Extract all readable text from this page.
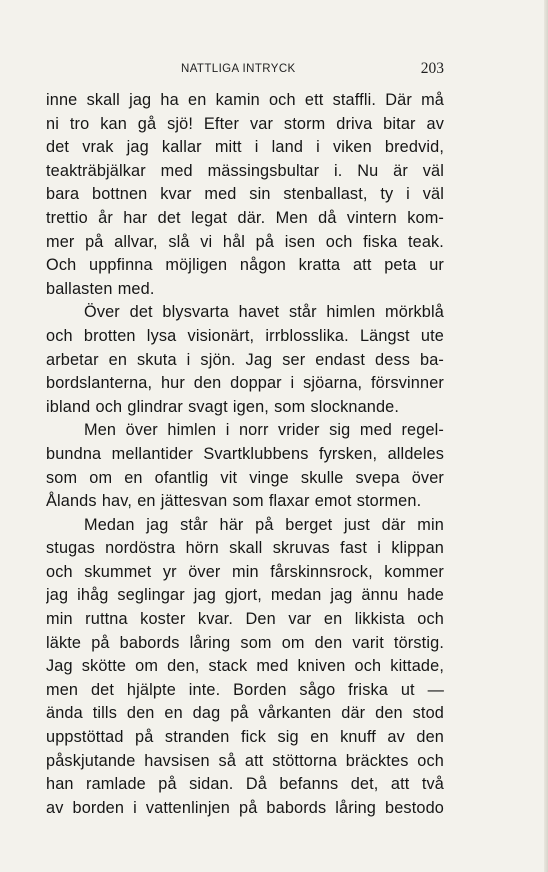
NATTLIGA INTRYCK	203
inne skall jag ha en kamin och ett staffli. Där må
ni tro kan gå sjö! Efter var storm driva bitar av
det vrak jag kallar mitt i land i viken bredvid,
teakträbjälkar med mässingsbultar i. Nu är väl
bara bottnen kvar med sin stenballast, ty i väl
trettio år har det legat där. Men då vintern kom-
mer på allvar, slå vi hål på isen och fiska teak.
Och uppfinna möjligen någon kratta att peta ur
ballasten med.
Över det blysvarta havet står himlen mörkblå
och brotten lysa visionärt, irrblosslika. Längst ute
arbetar en skuta i sjön. Jag ser endast dess ba-
bordslanterna, hur den doppar i sjöarna, försvinner
ibland och glindrar svagt igen, som slocknande.
Men över himlen i norr vrider sig med regel-
bundna mellantider Svartklubbens fyrsken, alldeles
som om en ofantlig vit vinge skulle svepa över
Ålands hav, en jättesvan som flaxar emot stormen.
Medan jag står här på berget just där min
stugas nordöstra hörn skall skruvas fast i klippan
och skummet yr över min fårskinnsrock, kommer
jag ihåg seglingar jag gjort, medan jag ännu hade
min ruttna koster kvar. Den var en likkista och
läkte på babords låring som om den varit törstig.
Jag skötte om den, stack med kniven och kittade,
men det hjälpte inte. Borden sågo friska ut —
ända tills den en dag på vårkanten där den stod
uppstöttad på stranden fick sig en knuff av den
påskjutande havsisen så att stöttorna bräcktes och
han ramlade på sidan. Då befanns det, att två
av borden i vattenlinjen på babords låring bestodo
